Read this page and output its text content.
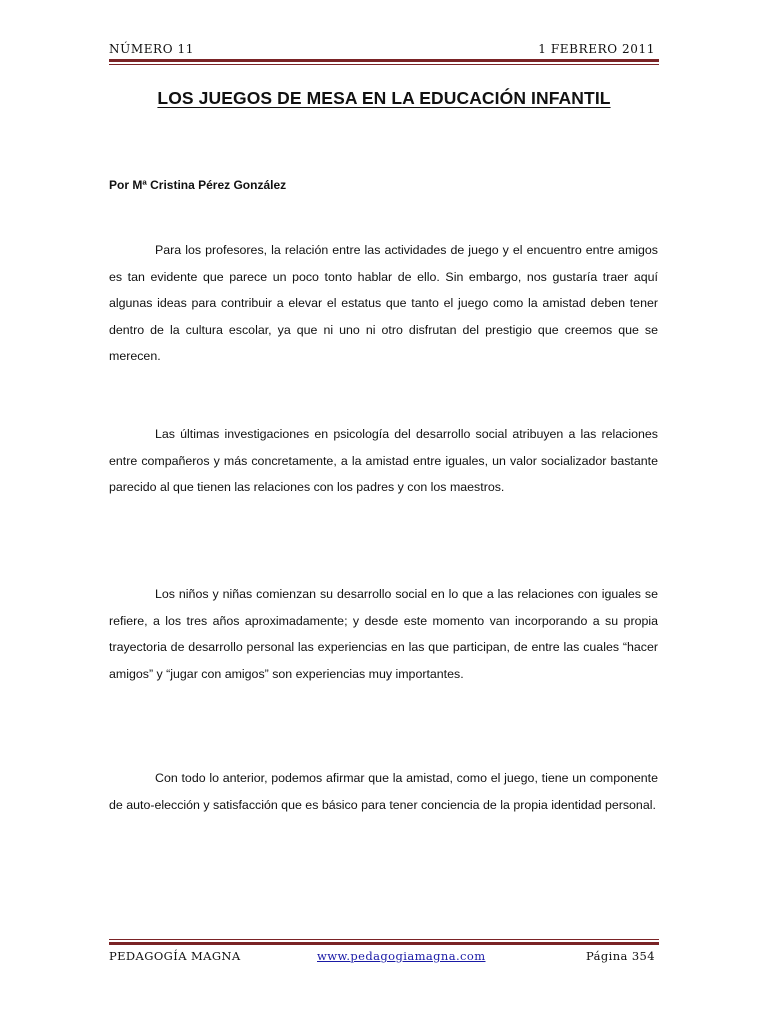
NÚMERO 11	1 FEBRERO 2011
LOS JUEGOS DE MESA EN LA EDUCACIÓN INFANTIL
Por Mª Cristina Pérez González

Para los profesores, la relación entre las actividades de juego y el encuentro entre amigos es tan evidente que parece un poco tonto hablar de ello. Sin embargo, nos gustaría traer aquí algunas ideas para contribuir a elevar el estatus que tanto el juego como la amistad deben tener dentro de la cultura escolar, ya que ni uno ni otro disfrutan del prestigio que creemos que se merecen.

Las últimas investigaciones en psicología del desarrollo social atribuyen a las relaciones entre compañeros y más concretamente, a la amistad entre iguales, un valor socializador bastante parecido al que tienen las relaciones con los padres y con los maestros.

Los niños y niñas comienzan su desarrollo social en lo que a las relaciones con iguales se refiere, a los tres años aproximadamente; y desde este momento van incorporando a su propia trayectoria de desarrollo personal las experiencias en las que participan, de entre las cuales “hacer amigos” y “jugar con amigos” son experiencias muy importantes.

Con todo lo anterior, podemos afirmar que la amistad, como el juego, tiene un componente de auto-elección y satisfacción que es básico para tener conciencia de la propia identidad personal.

PEDAGOGÍA MAGNA	www.pedagogiamagna.com	Página 354
